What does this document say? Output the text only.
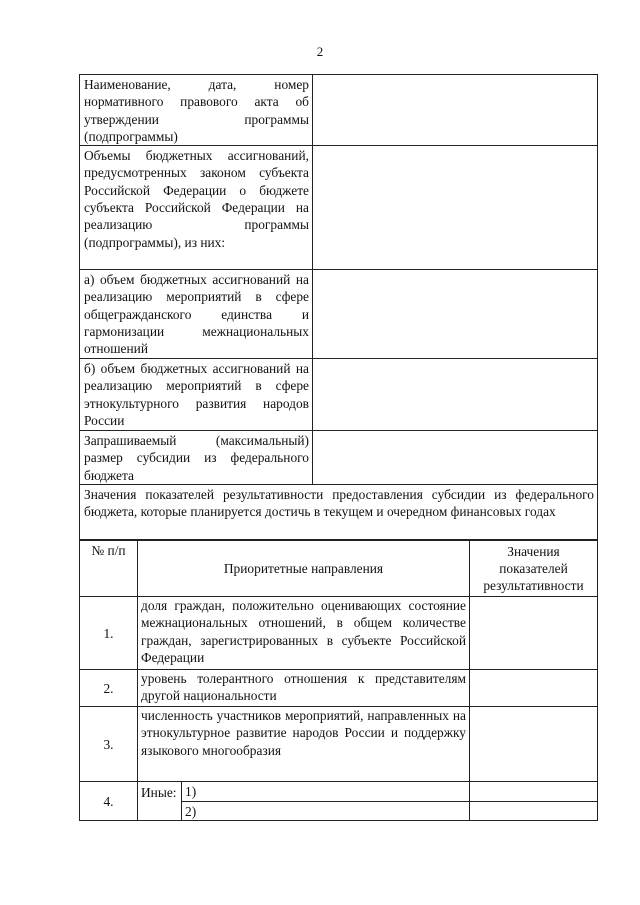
2
Наименование, дата, номер нормативного правового акта об утверждении программы (подпрограммы)	
Объемы бюджетных ассигнований, предусмотренных законом субъекта Российской Федерации о бюджете субъекта Российской Федерации на реализацию программы (подпрограммы), из них:	
а) объем бюджетных ассигнований на реализацию мероприятий в сфере общегражданского единства и гармонизации межнациональных отношений	
б) объем бюджетных ассигнований на реализацию мероприятий в сфере этнокультурного развития народов России	
Запрашиваемый (максимальный) размер субсидии из федерального бюджета	
Значения показателей результативности предоставления субсидии из федерального бюджета, которые планируется достичь в текущем и очередном финансовых годах
№ п/п	Приоритетные направления	Значения показателей результативности
1.	доля граждан, положительно оценивающих состояние межнациональных отношений, в общем количестве граждан, зарегистрированных в субъекте Российской Федерации	
2.	уровень толерантного отношения к представителям другой национальности	
3.	численность участников мероприятий, направленных на этнокультурное развитие народов России и поддержку языкового многообразия	
4.	Иные: 1)
2)	
